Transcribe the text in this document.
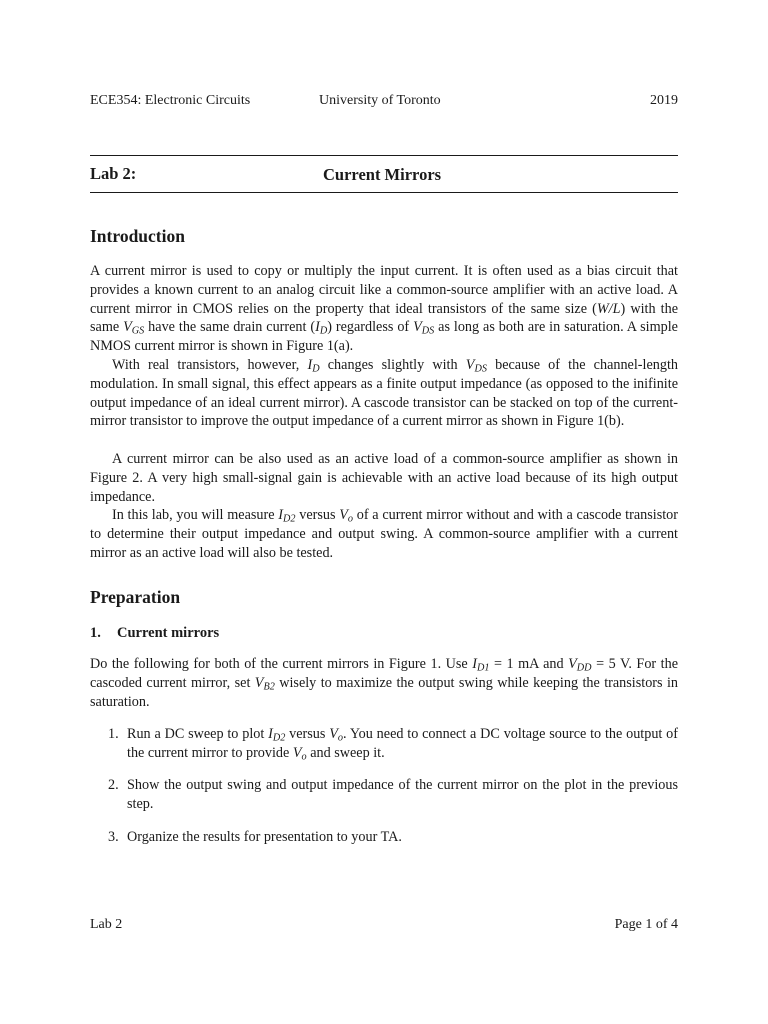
ECE354: Electronic Circuits	University of Toronto	2019
Lab 2:	Current Mirrors
Introduction

A current mirror is used to copy or multiply the input current. It is often used as a bias circuit that provides a known current to an analog circuit like a common-source amplifier with an active load. A current mirror in CMOS relies on the property that ideal transistors of the same size (W/L) with the same $V_{GS}$ have the same drain current $(I_D)$ regardless of $V_{DS}$ as long as both are in saturation. A simple NMOS current mirror is shown in Figure 1(a).

With real transistors, however, $I_D$ changes slightly with $V_{DS}$ because of the channel-length modulation. In small signal, this effect appears as a finite output impedance (as opposed to the inifinite output impedance of an ideal current mirror). A cascode transistor can be stacked on top of the current-mirror transistor to improve the output impedance of a current mirror as shown in Figure 1(b).

A current mirror can be also used as an active load of a common-source amplifier as shown in Figure 2. A very high small-signal gain is achievable with an active load because of its high output impedance.

In this lab, you will measure $I_{D2}$ versus $V_o$ of a current mirror without and with a cascode transistor to determine their output impedance and output swing. A common-source amplifier with a current mirror as an active load will also be tested.

Preparation
1. Current mirrors

Do the following for both of the current mirrors in Figure 1. Use $I_{D1} = 1$ mA and $V_{DD} = 5$ V. For the cascoded current mirror, set $V_{B2}$ wisely to maximize the output swing while keeping the transistors in saturation.

1. Run a DC sweep to plot $I_{D2}$ versus $V_o$. You need to connect a DC voltage source to the output of the current mirror to provide $V_o$ and sweep it.
2. Show the output swing and output impedance of the current mirror on the plot in the previous step.
3. Organize the results for presentation to your TA.
Lab 2	Page 1 of 4
